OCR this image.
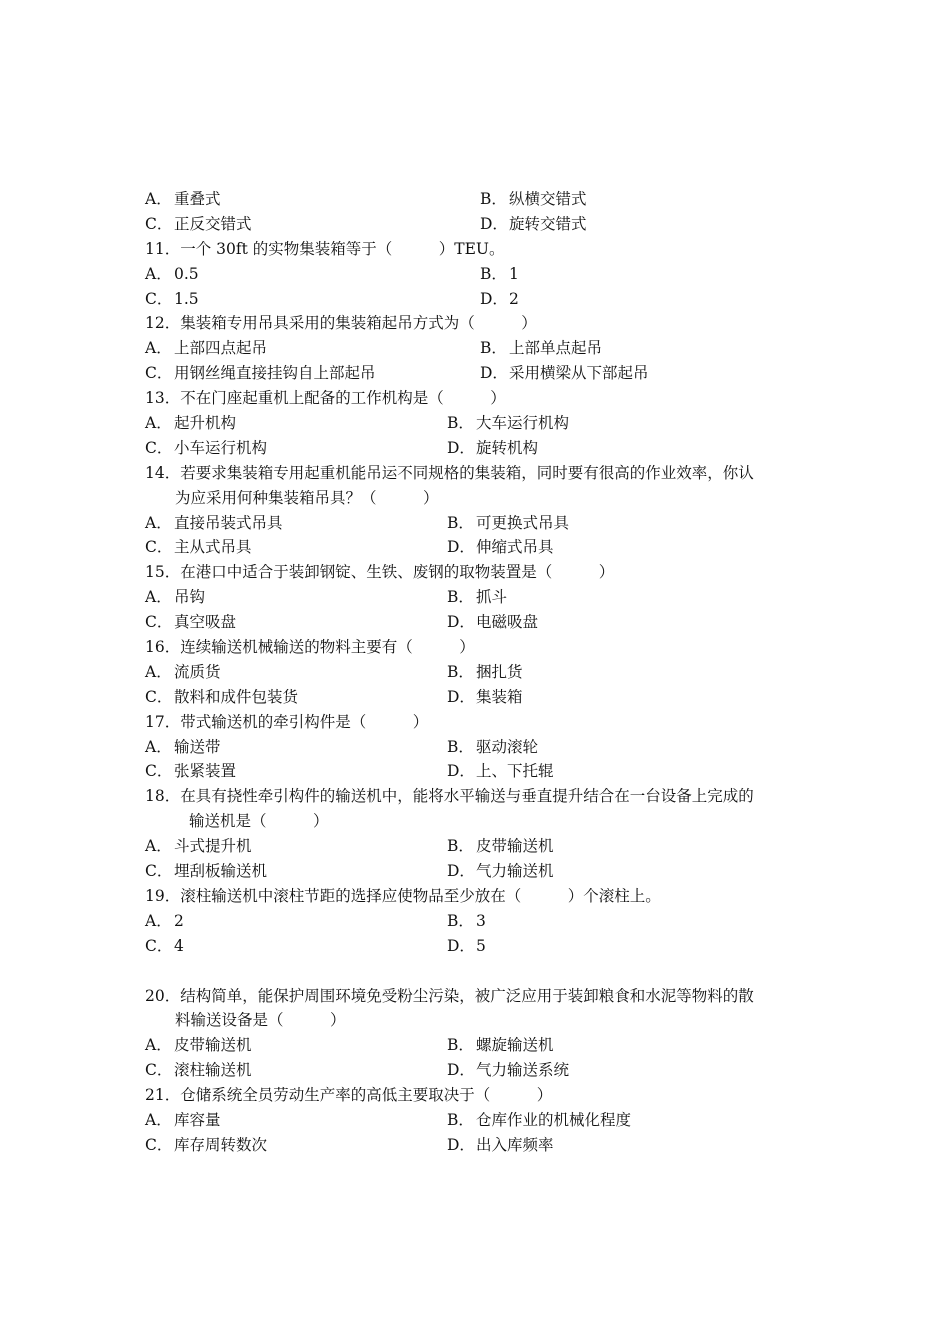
A． 重叠式	B． 纵横交错式
C． 正反交错式	D．旋转交错式
11．一个 30ft 的实物集装箱等于（　　　）TEU。
A． 0.5	B． 1
C． 1.5	D．2
12．集装箱专用吊具采用的集装箱起吊方式为（　　　）
A． 上部四点起吊	B． 上部单点起吊
C． 用钢丝绳直接挂钩自上部起吊	D．采用横梁从下部起吊
13．不在门座起重机上配备的工作机构是（　　　）
A． 起升机构	B． 大车运行机构
C． 小车运行机构	D．旋转机构
14．若要求集装箱专用起重机能吊运不同规格的集装箱，同时要有很高的作业效率，你认
为应采用何种集装箱吊具？（　　　）
A． 直接吊装式吊具	B． 可更换式吊具
C． 主从式吊具	D．伸缩式吊具
15．在港口中适合于装卸钢锭、生铁、废钢的取物装置是（　　　）
A． 吊钩	B． 抓斗
C． 真空吸盘	D．电磁吸盘
16．连续输送机械输送的物料主要有（　　　）
A． 流质货	B． 捆扎货
C． 散料和成件包装货	D．集装箱
17．带式输送机的牵引构件是（　　　）
A． 输送带	B． 驱动滚轮
C． 张紧装置	D．上、下托辊
18．在具有挠性牵引构件的输送机中，能将水平输送与垂直提升结合在一台设备上完成的
输送机是（　　　）
A． 斗式提升机	B． 皮带输送机
C． 埋刮板输送机	D．气力输送机
19．滚柱输送机中滚柱节距的选择应使物品至少放在（　　　）个滚柱上。
A． 2	B． 3
C． 4	D．5
20．结构简单，能保护周围环境免受粉尘污染，被广泛应用于装卸粮食和水泥等物料的散
料输送设备是（　　　）
A． 皮带输送机	B． 螺旋输送机
C． 滚柱输送机	D．气力输送系统
21．仓储系统全员劳动生产率的高低主要取决于（　　　）
A． 库容量	B． 仓库作业的机械化程度
C． 库存周转数次	D．出入库频率
